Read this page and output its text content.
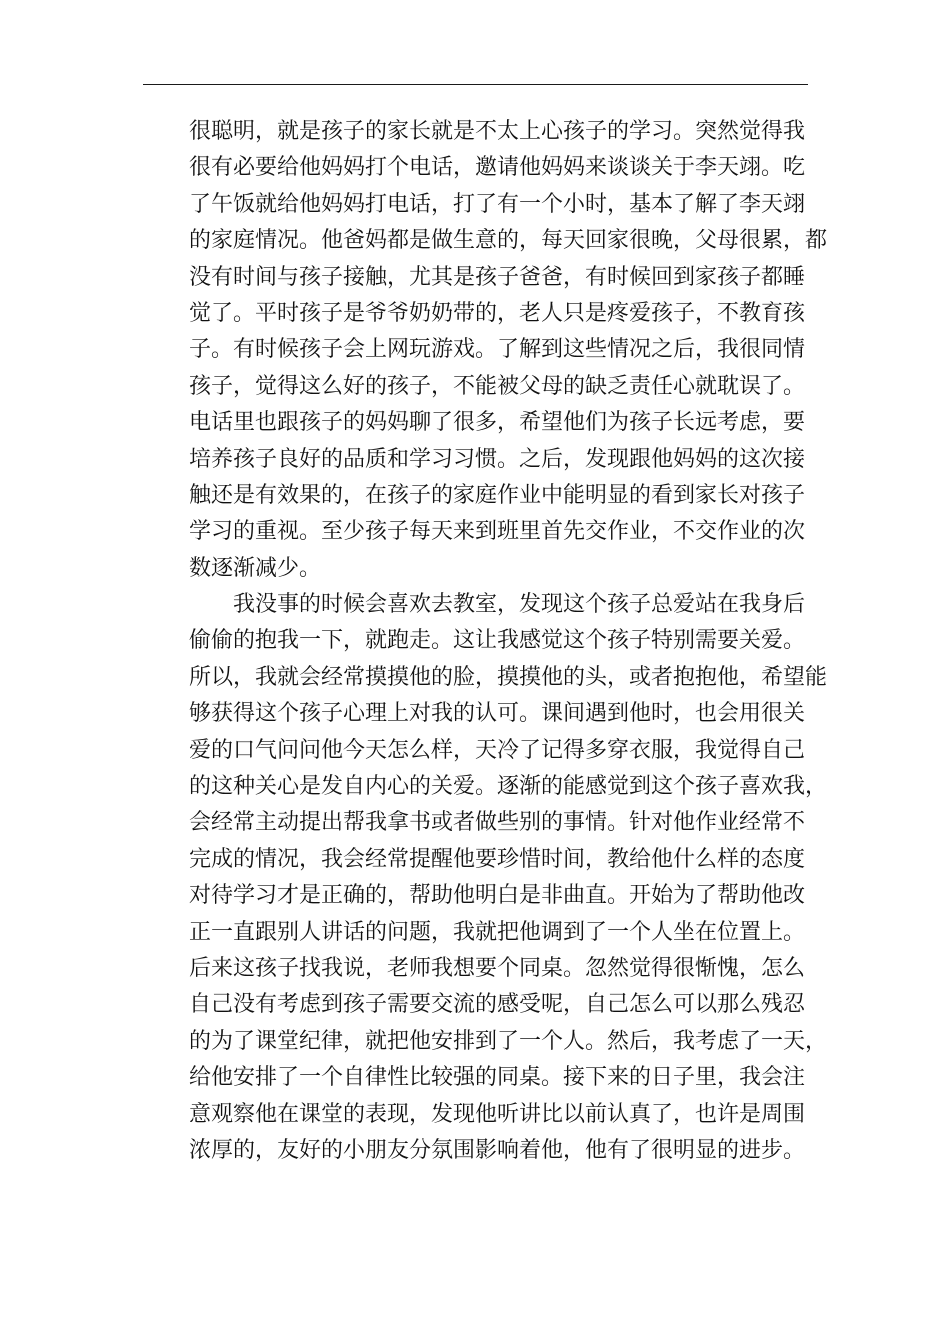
很聪明，就是孩子的家长就是不太上心孩子的学习。突然觉得我

很有必要给他妈妈打个电话，邀请他妈妈来谈谈关于李天翊。吃

了午饭就给他妈妈打电话，打了有一个小时，基本了解了李天翊

的家庭情况。他爸妈都是做生意的，每天回家很晚，父母很累，都

没有时间与孩子接触，尤其是孩子爸爸，有时候回到家孩子都睡

觉了。平时孩子是爷爷奶奶带的，老人只是疼爱孩子，不教育孩

子。有时候孩子会上网玩游戏。了解到这些情况之后，我很同情

孩子，觉得这么好的孩子，不能被父母的缺乏责任心就耽误了。

电话里也跟孩子的妈妈聊了很多，希望他们为孩子长远考虑，要

培养孩子良好的品质和学习习惯。之后，发现跟他妈妈的这次接

触还是有效果的，在孩子的家庭作业中能明显的看到家长对孩子

学习的重视。至少孩子每天来到班里首先交作业，不交作业的次

数逐渐减少。

我没事的时候会喜欢去教室，发现这个孩子总爱站在我身后

偷偷的抱我一下，就跑走。这让我感觉这个孩子特别需要关爱。

所以，我就会经常摸摸他的脸，摸摸他的头，或者抱抱他，希望能

够获得这个孩子心理上对我的认可。课间遇到他时，也会用很关

爱的口气问问他今天怎么样，天冷了记得多穿衣服，我觉得自己

的这种关心是发自内心的关爱。逐渐的能感觉到这个孩子喜欢我，

会经常主动提出帮我拿书或者做些别的事情。针对他作业经常不

完成的情况，我会经常提醒他要珍惜时间，教给他什么样的态度

对待学习才是正确的，帮助他明白是非曲直。开始为了帮助他改

正一直跟别人讲话的问题，我就把他调到了一个人坐在位置上。

后来这孩子找我说，老师我想要个同桌。忽然觉得很惭愧，怎么

自己没有考虑到孩子需要交流的感受呢，自己怎么可以那么残忍

的为了课堂纪律，就把他安排到了一个人。然后，我考虑了一天，

给他安排了一个自律性比较强的同桌。接下来的日子里，我会注

意观察他在课堂的表现，发现他听讲比以前认真了，也许是周围

浓厚的，友好的小朋友分氛围影响着他，他有了很明显的进步。
